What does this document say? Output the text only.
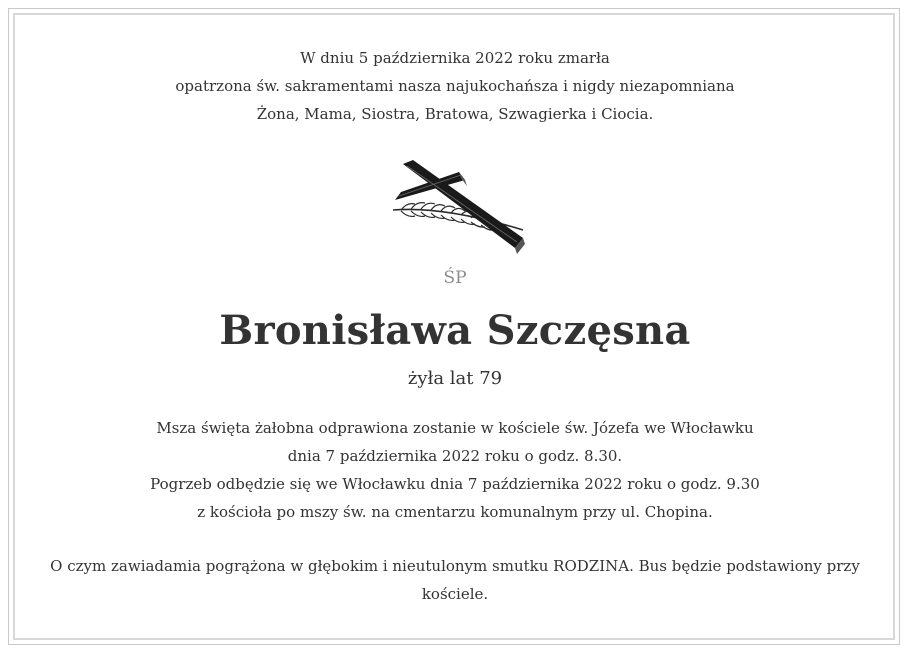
W dniu 5 października 2022 roku zmarła
opatrzona św. sakramentami nasza najukochańsza i nigdy niezapomniana
Żona, Mama, Siostra, Bratowa, Szwagierka i Ciocia.
ŚP
Bronisława Szczęsna
żyła lat 79
Msza święta żałobna odprawiona zostanie w kościele św. Józefa we Włocławku
dnia 7 października 2022 roku o godz. 8.30.
Pogrzeb odbędzie się we Włocławku dnia 7 października 2022 roku o godz. 9.30
z kościoła po mszy św. na cmentarzu komunalnym przy ul. Chopina.
O czym zawiadamia pogrążona w głębokim i nieutulonym smutku RODZINA. Bus będzie podstawiony przy kościele.
